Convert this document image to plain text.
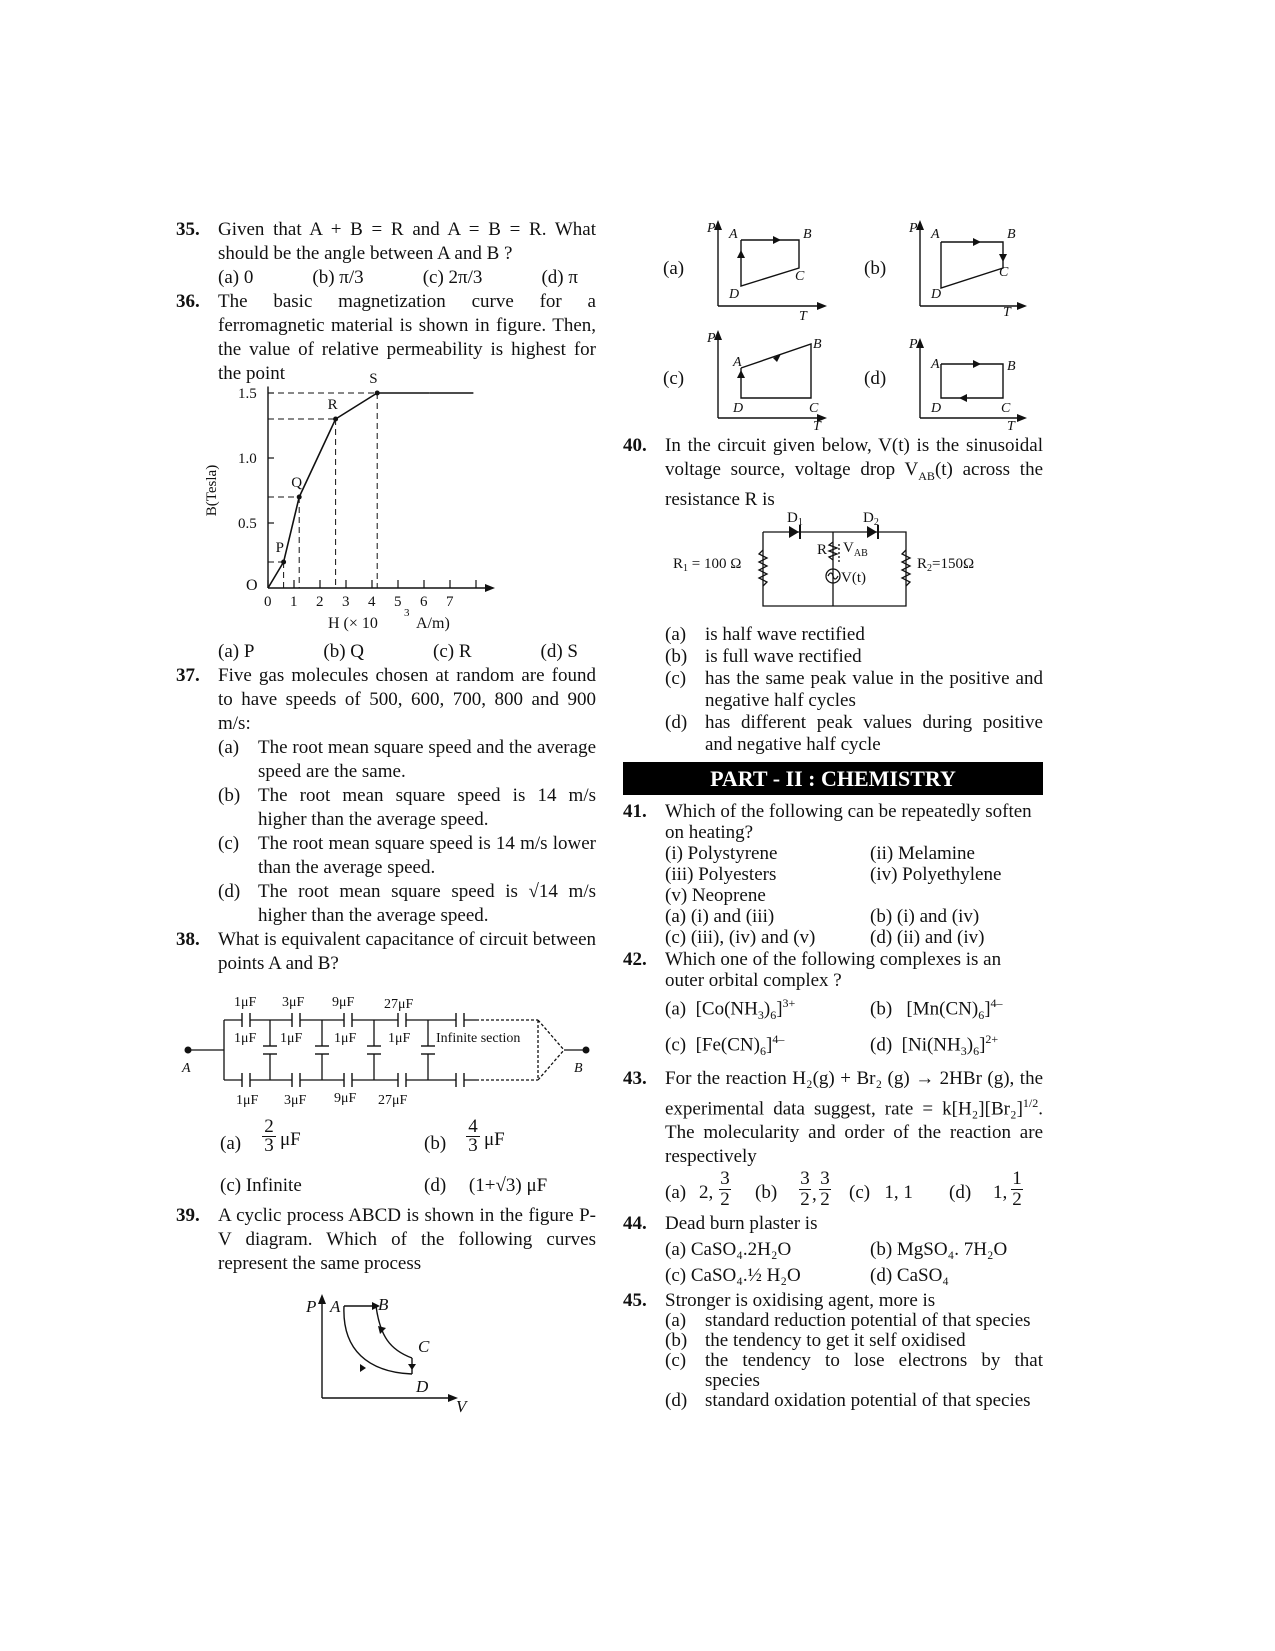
35. Given that A + B = R and A = B = R. What should be the angle between A and B ?
(a) 0	(b) π/3	(c) 2π/3	(d) π
36. The basic magnetization curve for a ferromagnetic material is shown in figure. Then, the value of relative permeability is highest for the point
0 1 2 3 4 5 6 7
0.5
1.0
1.5
O
P
Q
R
S
B(Tesla)
H (× 10
3
A/m)
(a) P	(b) Q	(c) R	(d) S
37. Five gas molecules chosen at random are found to have speeds of 500, 600, 700, 800 and 900 m/s:
(a) The root mean square speed and the average speed are the same.
(b) The root mean square speed is 14 m/s higher than the average speed.
(c) The root mean square speed is 14 m/s lower than the average speed.
(d) The root mean square speed is √14 m/s higher than the average speed.
38. What is equivalent capacitance of circuit between points A and B?
1μF 3μF 9μF 27μF
1μF 1μF 1μF 1μF Infinite section
1μF 3μF 9μF 27μF
A	B
$(a) \frac{2}{3}$ μF	$(b) \frac{4}{3}$ μF
(c) Infinite	(d) (1+√3) μF
39. A cyclic process ABCD is shown in the figure P-V diagram. Which of the following curves represent the same process
P
V
A B
C
D
(a)	(b)
(c)	(d)
P	P
P	P
T	T
T	T
A	B
C
D
A	B
C
D
A
B
C
D
A	B
C
D
40. In the circuit given below, V(t) is the sinusoidal voltage source, voltage drop $V_{AB}(t)$ across the resistance R is
$D_1$	$D_2$
$R_1 = 100$ Ω	$R_2=150\Omega$
R $V_{AB}$
V(t)
(a) is half wave rectified
(b) is full wave rectified
(c) has the same peak value in the positive and negative half cycles
(d) has different peak values during positive and negative half cycle
PART - II : CHEMISTRY
41. Which of the following can be repeatedly soften on heating?
(i) Polystyrene	(ii) Melamine
(iii) Polyesters	(iv) Polyethylene
(v) Neoprene
(a) (i) and (iii)	(b) (i) and (iv)
(c) (iii), (iv) and (v)	(d) (ii) and (iv)
42. Which one of the following complexes is an outer orbital complex ?
(a) $[Co(NH_3)_6]^{3+}$	(b) $[Mn(CN)_6]^{4-}$
(c) $[Fe(CN)_6]^{4-}$	(d) $[Ni(NH_3)_6]^{2+}$
43. For the reaction H₂(g) + Br₂ (g) → 2HBr (g), the experimental data suggest, rate = $k[H_2][Br_2]^{1/2}$. The molecularity and order of the reaction are respectively
(a) 2,
3
2 (b)
3
2 ,
3
2 (c) 1, 1 (d) 1,
1
2
44. Dead burn plaster is
(a) CaSO₄.2H₂O	(b) MgSO₄. 7H₂O
(c) CaSO₄.½ H₂O	(d) CaSO₄
45. Stronger is oxidising agent, more is
(a) standard reduction potential of that species
(b) the tendency to get it self oxidised
(c) the tendency to lose electrons by that species
(d) standard oxidation potential of that species
